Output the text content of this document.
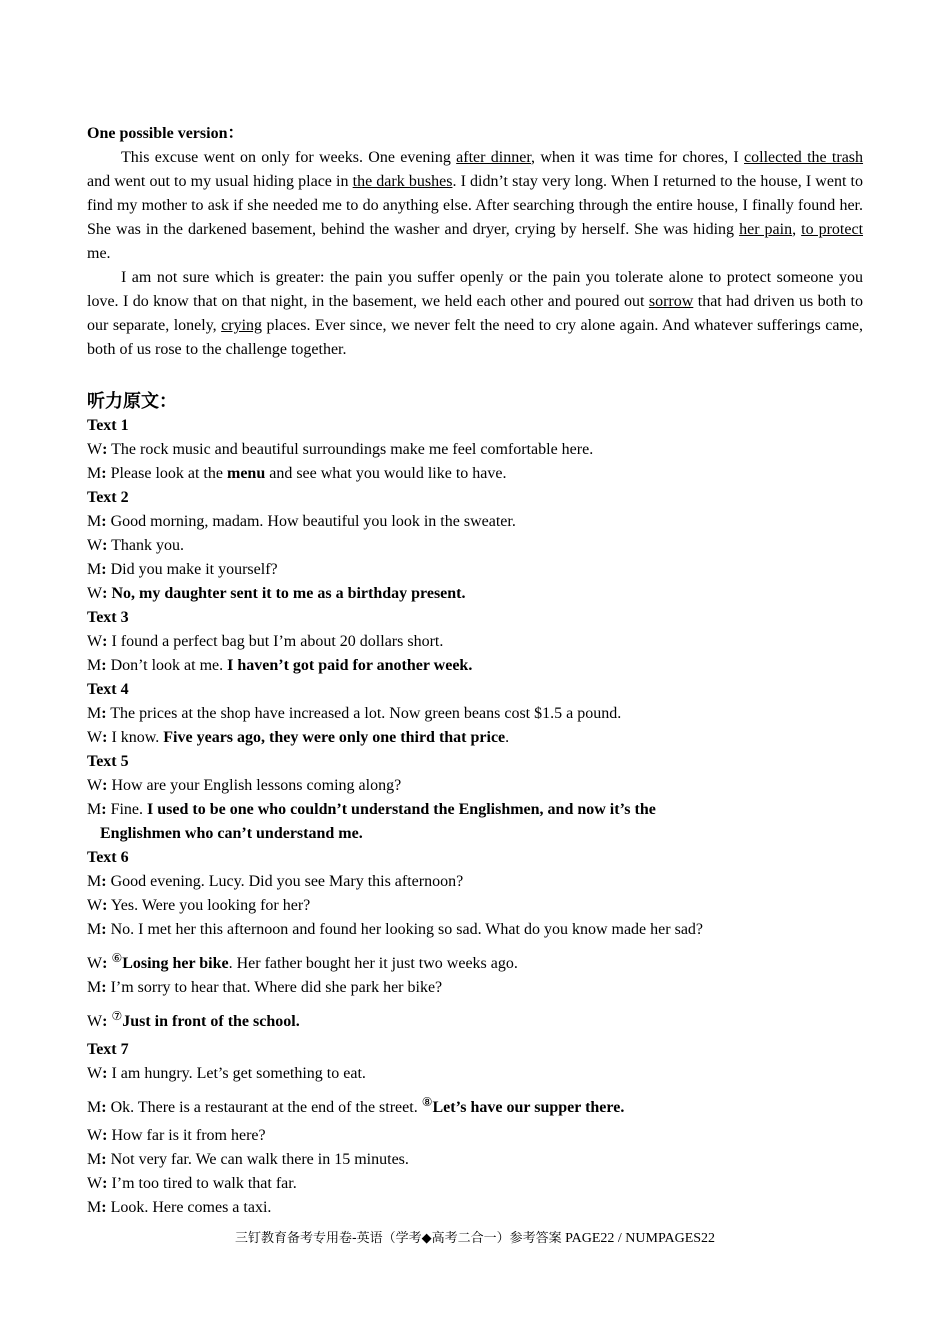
One possible version：

This excuse went on only for weeks. One evening after dinner, when it was time for chores, I collected the trash and went out to my usual hiding place in the dark bushes. I didn’t stay very long. When I returned to the house, I went to find my mother to ask if she needed me to do anything else. After searching through the entire house, I finally found her. She was in the darkened basement, behind the washer and dryer, crying by herself. She was hiding her pain, to protect me.

I am not sure which is greater: the pain you suffer openly or the pain you tolerate alone to protect someone you love. I do know that on that night, in the basement, we held each other and poured out sorrow that had driven us both to our separate, lonely, crying places. Ever since, we never felt the need to cry alone again. And whatever sufferings came, both of us rose to the challenge together.

听力原文：

Text 1

W: The rock music and beautiful surroundings make me feel comfortable here.

M: Please look at the menu and see what you would like to have.

Text 2

M: Good morning, madam. How beautiful you look in the sweater.

W: Thank you.

M: Did you make it yourself?

W: No, my daughter sent it to me as a birthday present.

Text 3

W: I found a perfect bag but I’m about 20 dollars short.

M: Don’t look at me. I haven’t got paid for another week.

Text 4

M: The prices at the shop have increased a lot. Now green beans cost $1.5 a pound.

W: I know. Five years ago, they were only one third that price.

Text 5

W: How are your English lessons coming along?

M: Fine. I used to be one who couldn’t understand the Englishmen, and now it’s the

Englishmen who can’t understand me.

Text 6

M: Good evening. Lucy. Did you see Mary this afternoon?

W: Yes. Were you looking for her?

M: No. I met her this afternoon and found her looking so sad. What do you know made her sad?

W: ⑥Losing her bike. Her father bought her it just two weeks ago.

M: I’m sorry to hear that. Where did she park her bike?

W: ⑦Just in front of the school.

Text 7

W: I am hungry. Let’s get something to eat.

M: Ok. There is a restaurant at the end of the street. ⑧Let’s have our supper there.

W: How far is it from here?

M: Not very far. We can walk there in 15 minutes.

W: I’m too tired to walk that far.

M: Look. Here comes a taxi.

三钉教育备考专用卷-英语（学考◆高考二合一）参考答案 PAGE22 / NUMPAGES22
